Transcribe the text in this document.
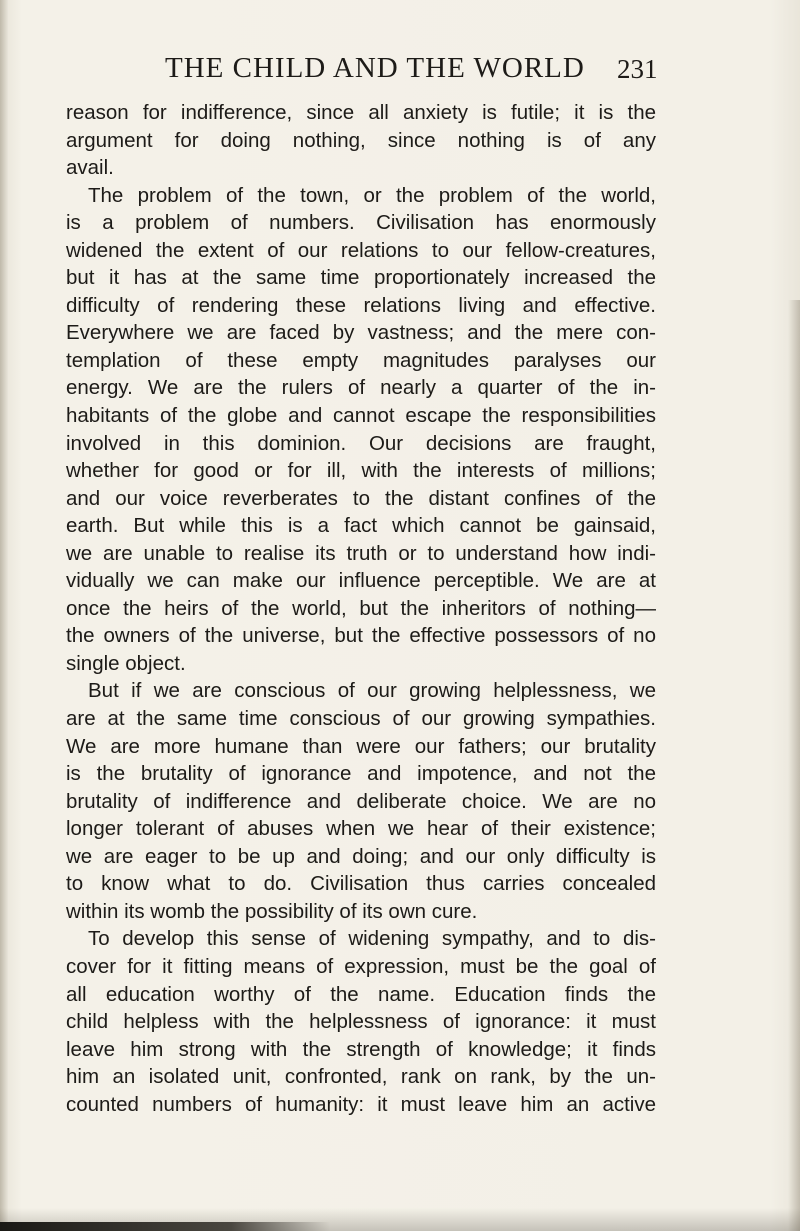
THE CHILD AND THE WORLD 231
reason for indifference, since all anxiety is futile; it is the
argument for doing nothing, since nothing is of any
avail.
The problem of the town, or the problem of the world,
is a problem of numbers. Civilisation has enormously
widened the extent of our relations to our fellow-creatures,
but it has at the same time proportionately increased the
difficulty of rendering these relations living and effective.
Everywhere we are faced by vastness; and the mere con-
templation of these empty magnitudes paralyses our
energy. We are the rulers of nearly a quarter of the in-
habitants of the globe and cannot escape the responsibilities
involved in this dominion. Our decisions are fraught,
whether for good or for ill, with the interests of millions;
and our voice reverberates to the distant confines of the
earth. But while this is a fact which cannot be gainsaid,
we are unable to realise its truth or to understand how indi-
vidually we can make our influence perceptible. We are at
once the heirs of the world, but the inheritors of nothing—
the owners of the universe, but the effective possessors of no
single object.
But if we are conscious of our growing helplessness, we
are at the same time conscious of our growing sympathies.
We are more humane than were our fathers; our brutality
is the brutality of ignorance and impotence, and not the
brutality of indifference and deliberate choice. We are no
longer tolerant of abuses when we hear of their existence;
we are eager to be up and doing; and our only difficulty is
to know what to do. Civilisation thus carries concealed
within its womb the possibility of its own cure.
To develop this sense of widening sympathy, and to dis-
cover for it fitting means of expression, must be the goal of
all education worthy of the name. Education finds the
child helpless with the helplessness of ignorance: it must
leave him strong with the strength of knowledge; it finds
him an isolated unit, confronted, rank on rank, by the un-
counted numbers of humanity: it must leave him an active
